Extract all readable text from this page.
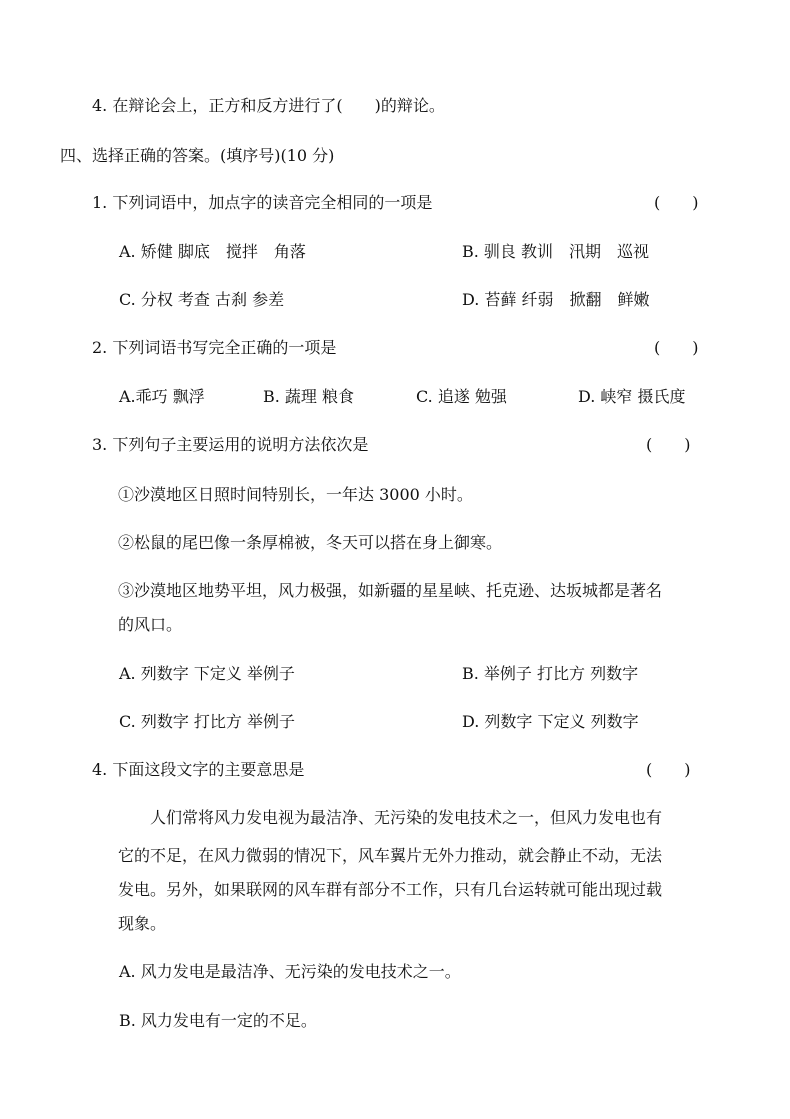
4. 在辩论会上，正方和反方进行了(　　)的辩论。
四、选择正确的答案。(填序号)(10 分)
1. 下列词语中，加点字的读音完全相同的一项是	(　　)
A. 矫健 脚底　搅拌　角落	B. 驯良 教训　汛期　巡视
C. 分权 考查 古刹 参差	D. 苔藓 纤弱　掀翻　鲜嫩
2. 下列词语书写完全正确的一项是	(　　)
A.乖巧 飘浮	B. 蔬理 粮食	C. 追遂 勉强	D. 峡窄 摄氏度
3. 下列句子主要运用的说明方法依次是	(　　)
①沙漠地区日照时间特别长，一年达 3000 小时。
②松鼠的尾巴像一条厚棉被，冬天可以搭在身上御寒。
③沙漠地区地势平坦，风力极强，如新疆的星星峡、托克逊、达坂城都是著名
的风口。
A. 列数字 下定义 举例子	B. 举例子 打比方 列数字
C. 列数字 打比方 举例子	D. 列数字 下定义 列数字
4. 下面这段文字的主要意思是	(　　)
人们常将风力发电视为最洁净、无污染的发电技术之一，但风力发电也有
它的不足，在风力微弱的情况下，风车翼片无外力推动，就会静止不动，无法
发电。另外，如果联网的风车群有部分不工作，只有几台运转就可能出现过载
现象。
A. 风力发电是最洁净、无污染的发电技术之一。
B. 风力发电有一定的不足。
